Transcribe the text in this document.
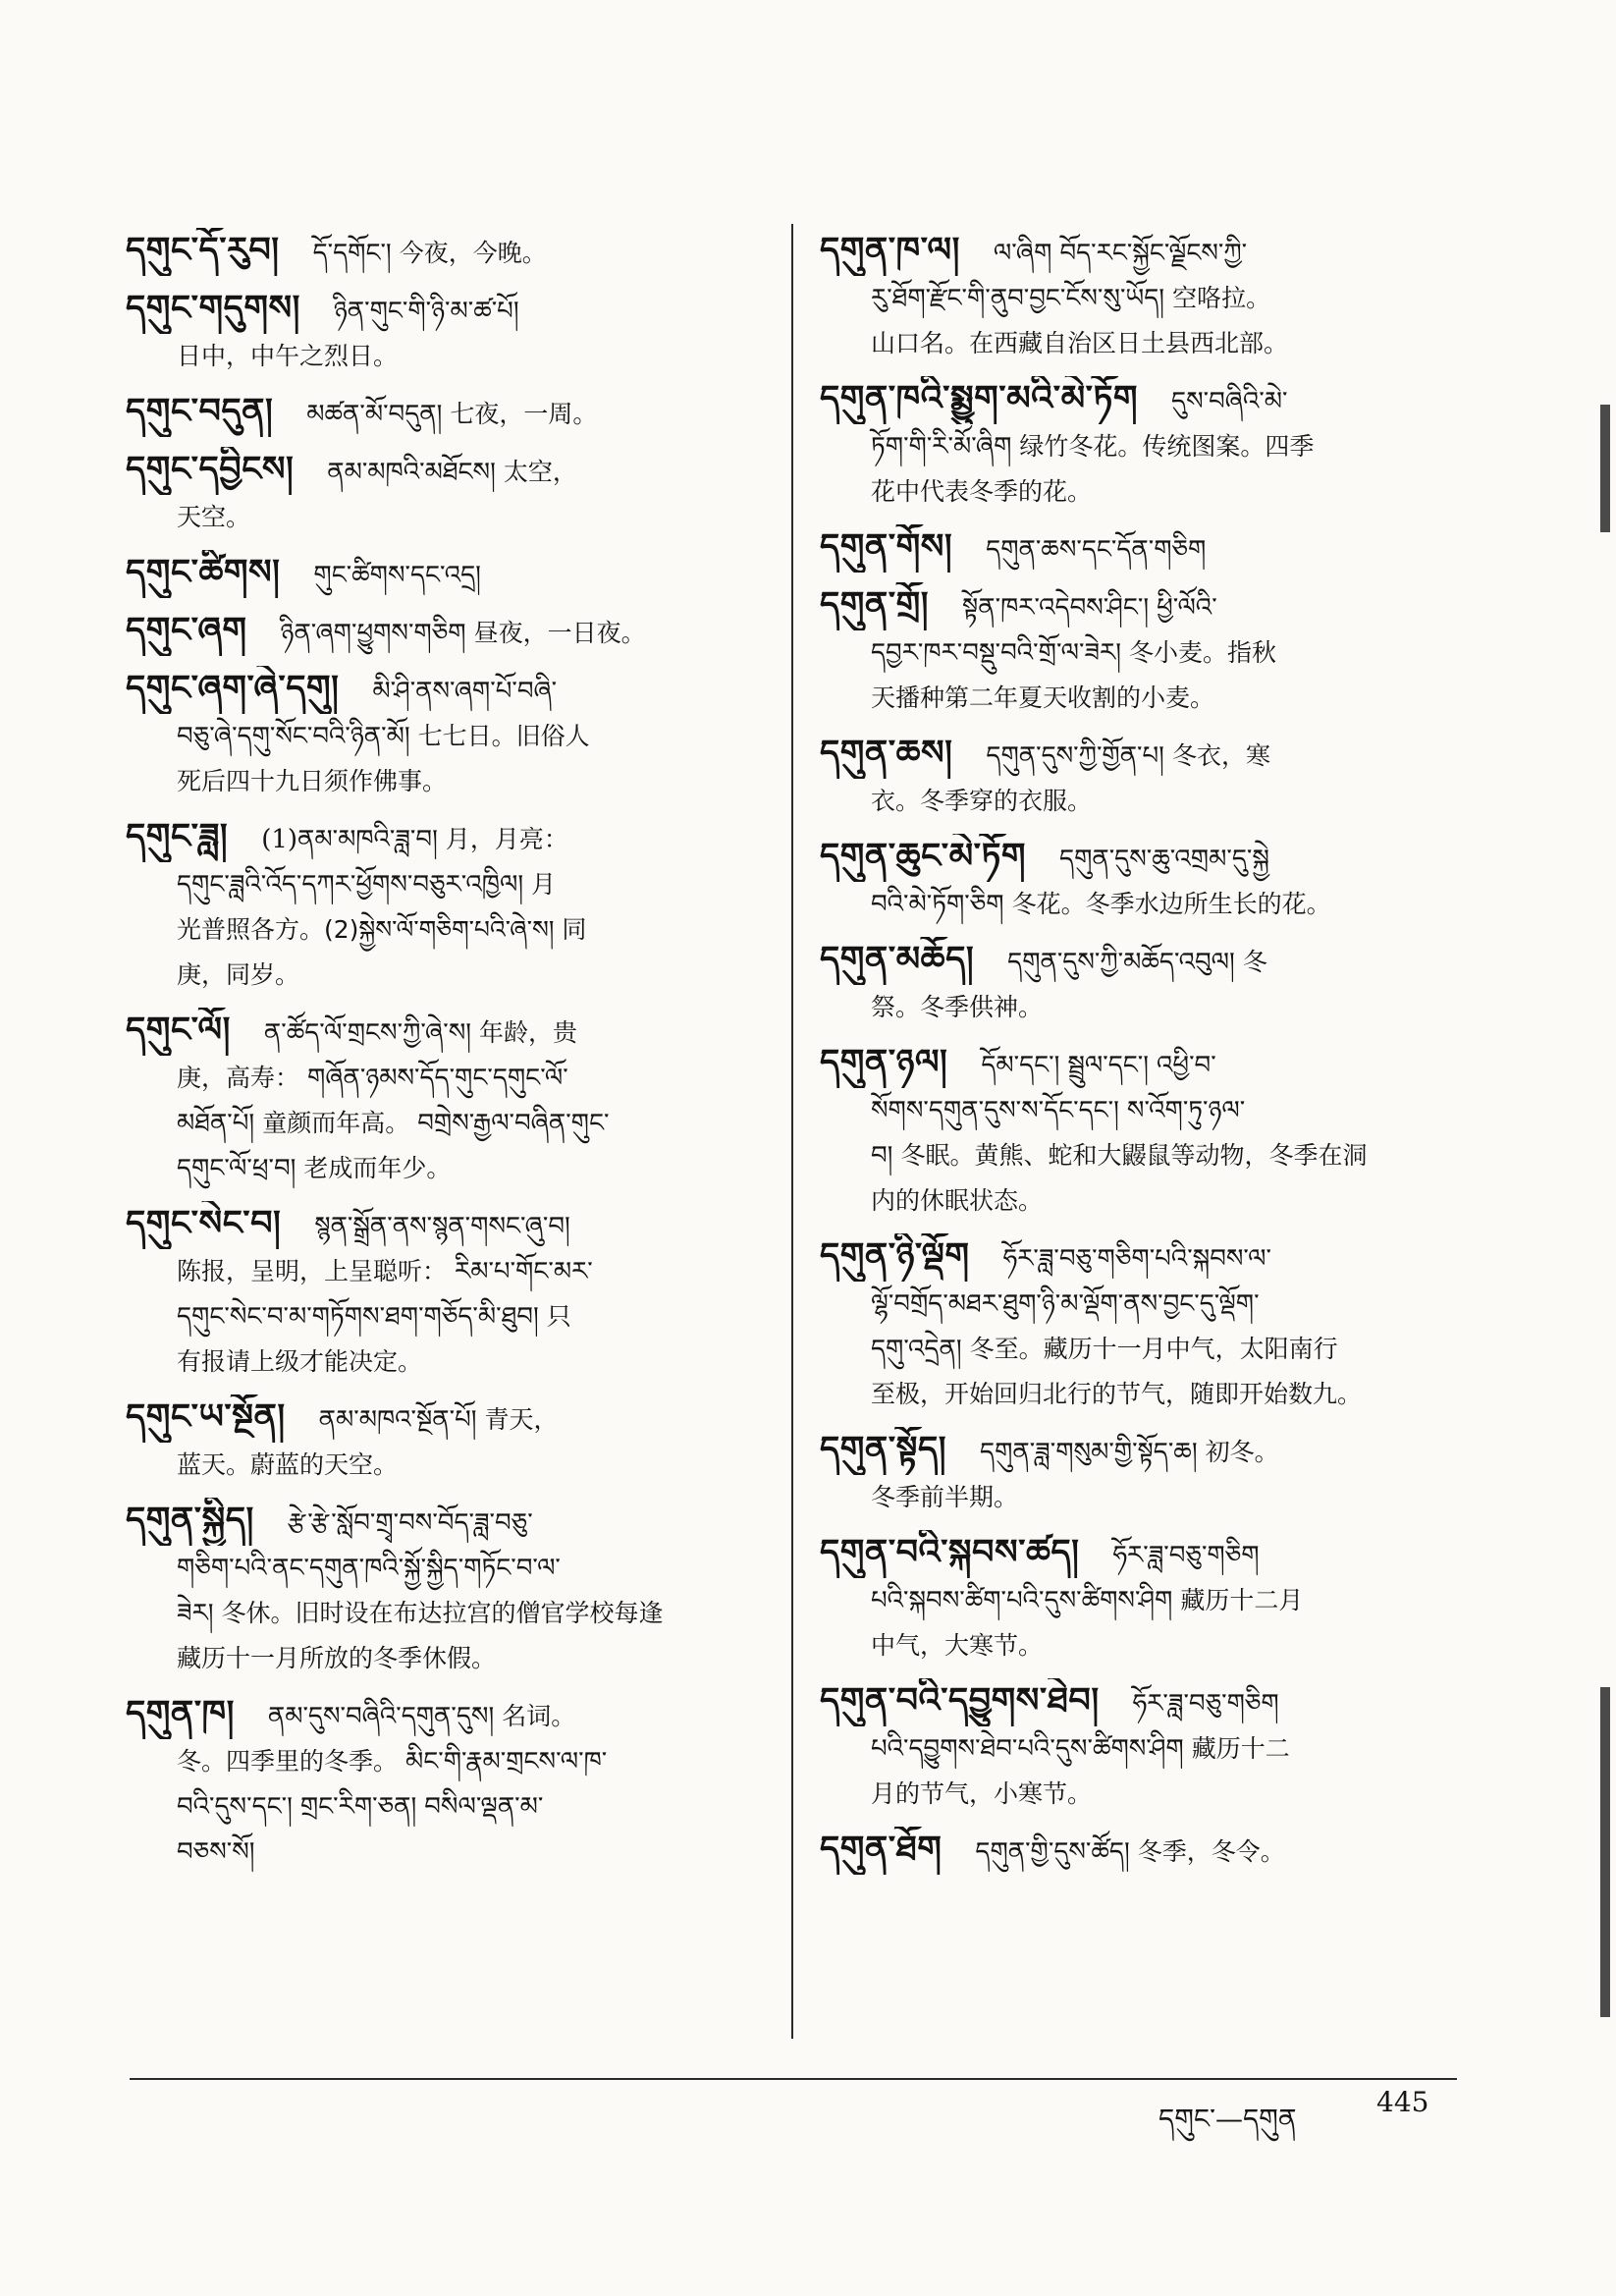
དགུང་དོ་རུབ། དོ་དགོང་། 今夜，今晚。
དགུང་གདུགས། ཉིན་གུང་གི་ཉི་མ་ཚ་པོ།
日中，中午之烈日。
དགུང་བདུན། མཚན་མོ་བདུན། 七夜，一周。
དགུང་དབྱིངས། ནམ་མཁའི་མཐོངས། 太空，
天空。
དགུང་ཚིགས། གུང་ཚིགས་དང་འདྲ།
དགུང་ཞག ཉིན་ཞག་ཕྱུགས་གཅིག 昼夜，一日夜。
དགུང་ཞག་ཞེ་དགུ། མི་ཤི་ནས་ཞག་པོ་བཞི་
བཅུ་ཞེ་དགུ་སོང་བའི་ཉིན་མོ། 七七日。旧俗人
死后四十九日须作佛事。
དགུང་ཟླ། (1)ནམ་མཁའི་ཟླ་བ། 月，月亮：
དགུང་ཟླའི་འོད་དཀར་ཕྱོགས་བཅུར་འཁྱིལ། 月
光普照各方。(2)སྐྱེས་ལོ་གཅིག་པའི་ཞེ་ས། 同
庚，同岁。
དགུང་ལོ། ན་ཚོད་ལོ་གྲངས་ཀྱི་ཞེ་ས། 年龄，贵
庚，高寿： གཞོན་ཉམས་དོད་གུང་དགུང་ལོ་
མཐོན་པོ། 童颜而年高。 བགྲེས་རྒྱལ་བཞིན་གུང་
དགུང་ལོ་ཕྲ་བ། 老成而年少。
དགུང་སེང་བ། སྙན་སྒྲོན་ནས་སྙན་གསང་ཞུ་བ།
陈报，呈明，上呈聪听： རིམ་པ་གོང་མར་
དགུང་སེང་བ་མ་གཏོགས་ཐག་གཅོད་མི་ཐུབ། 只
有报请上级才能决定。
དགུང་ཡ་སྔོན། ནམ་མཁའ་སྔོན་པོ། 青天，
蓝天。蔚蓝的天空。
དགུན་སྐྱིད། རྩེ་རྩེ་སློབ་གྲྭ་བས་བོད་ཟླ་བཅུ་
གཅིག་པའི་ནང་དགུན་ཁའི་སྐྱོ་སྐྱིད་གཏོང་བ་ལ་
ཟེར། 冬休。旧时设在布达拉宫的僧官学校每逢
藏历十一月所放的冬季休假。
དགུན་ཁ། ནམ་དུས་བཞིའི་དགུན་དུས། 名词。
冬。四季里的冬季。 མིང་གི་རྣམ་གྲངས་ལ་ཁ་
བའི་དུས་དང་། གྲང་རིག་ཅན། བསིལ་ལྡན་མ་
བཅས་སོ།
དགུན་ཁ་ལ། ལ་ཞིག བོད་རང་སྐྱོང་ལྗོངས་ཀྱི་
རུ་ཐོག་རྫོང་གི་ནུབ་བྱང་ངོས་སུ་ཡོད། 空咯拉。
山口名。在西藏自治区日土县西北部。
དགུན་ཁའི་སྨྱུག་མའི་མེ་ཏོག དུས་བཞིའི་མེ་
ཏོག་གི་རི་མོ་ཞིག 绿竹冬花。传统图案。四季
花中代表冬季的花。
དགུན་གོས། དགུན་ཆས་དང་དོན་གཅིག
དགུན་གྲོ། སྟོན་ཁར་འདེབས་ཤིང་། ཕྱི་ལོའི་
དབྱར་ཁར་བསྡུ་བའི་གྲོ་ལ་ཟེར། 冬小麦。指秋
天播种第二年夏天收割的小麦。
དགུན་ཆས། དགུན་དུས་ཀྱི་གྱོན་པ། 冬衣，寒
衣。冬季穿的衣服。
དགུན་ཆུང་མེ་ཏོག དགུན་དུས་ཆུ་འགྲམ་དུ་སྐྱེ
བའི་མེ་ཏོག་ཅིག 冬花。冬季水边所生长的花。
དགུན་མཆོད། དགུན་དུས་ཀྱི་མཆོད་འབུལ། 冬
祭。冬季供神。
དགུན་ཉལ། དོམ་དང་། སྦྲུལ་དང་། འཕྱི་བ་
སོགས་དགུན་དུས་ས་དོང་དང་། ས་འོག་ཏུ་ཉལ་
བ། 冬眠。黄熊、蛇和大鼹鼠等动物，冬季在洞
内的休眠状态。
དགུན་ཉི་ལྡོག ཧོར་ཟླ་བཅུ་གཅིག་པའི་སྐབས་ལ་
ལྷོ་བགྲོད་མཐར་ཐུག་ཉི་མ་ལྡོག་ནས་བྱང་དུ་ལྡོག་
དགུ་འདྲེན། 冬至。藏历十一月中气，太阳南行
至极，开始回归北行的节气，随即开始数九。
དགུན་སྟོད། དགུན་ཟླ་གསུམ་གྱི་སྟོད་ཆ། 初冬。
冬季前半期。
དགུན་བའི་སྐབས་ཚད། ཧོར་ཟླ་བཅུ་གཅིག
པའི་སྐབས་ཚིག་པའི་དུས་ཚིགས་ཤིག 藏历十二月
中气，大寒节。
དགུན་བའི་དབྱུགས་ཐེབ། ཧོར་ཟླ་བཅུ་གཅིག
པའི་དབྱུགས་ཐེབ་པའི་དུས་ཚིགས་ཤིག 藏历十二
月的节气，小寒节。
དགུན་ཐོག དགུན་གྱི་དུས་ཚོད། 冬季，冬令。
དགུང་—དགུན
445
